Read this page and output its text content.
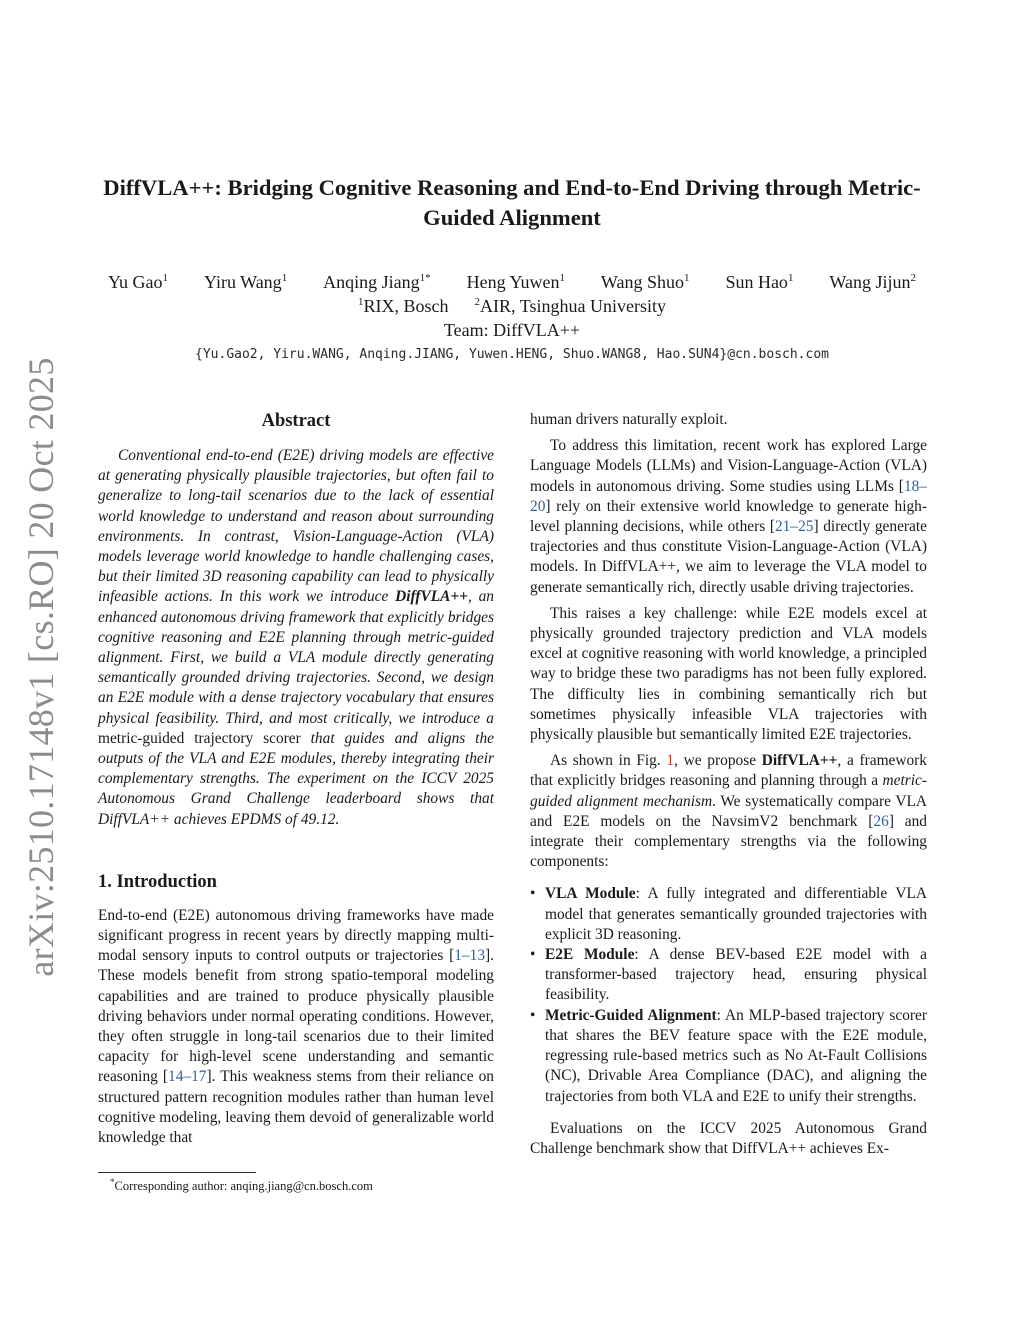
arXiv:2510.17148v1 [cs.RO] 20 Oct 2025
DiffVLA++: Bridging Cognitive Reasoning and End-to-End Driving through Metric-Guided Alignment
Yu Gao$^1$ Yiru Wang$^1$ Anqing Jiang$^{1*}$ Heng Yuwen$^1$ Wang Shuo$^1$ Sun Hao$^1$ Wang Jijun$^2$
$^1$RIX, Bosch $^2$AIR, Tsinghua University
Team: DiffVLA++
{Yu.Gao2, Yiru.WANG, Anqing.JIANG, Yuwen.HENG, Shuo.WANG8, Hao.SUN4}@cn.bosch.com
Abstract

Conventional end-to-end (E2E) driving models are effective at generating physically plausible trajectories, but often fail to generalize to long-tail scenarios due to the lack of essential world knowledge to understand and reason about surrounding environments. In contrast, Vision-Language-Action (VLA) models leverage world knowledge to handle challenging cases, but their limited 3D reasoning capability can lead to physically infeasible actions. In this work we introduce DiffVLA++, an enhanced autonomous driving framework that explicitly bridges cognitive reasoning and E2E planning through metric-guided alignment. First, we build a VLA module directly generating semantically grounded driving trajectories. Second, we design an E2E module with a dense trajectory vocabulary that ensures physical feasibility. Third, and most critically, we introduce a metric-guided trajectory scorer that guides and aligns the outputs of the VLA and E2E modules, thereby integrating their complementary strengths. The experiment on the ICCV 2025 Autonomous Grand Challenge leaderboard shows that DiffVLA++ achieves EPDMS of 49.12.

1. Introduction

End-to-end (E2E) autonomous driving frameworks have made significant progress in recent years by directly mapping multi-modal sensory inputs to control outputs or trajectories [1–13]. These models benefit from strong spatio-temporal modeling capabilities and are trained to produce physically plausible driving behaviors under normal operating conditions. However, they often struggle in long-tail scenarios due to their limited capacity for high-level scene understanding and semantic reasoning [14–17]. This weakness stems from their reliance on structured pattern recognition modules rather than human level cognitive modeling, leaving them devoid of generalizable world knowledge that

human drivers naturally exploit.

To address this limitation, recent work has explored Large Language Models (LLMs) and Vision-Language-Action (VLA) models in autonomous driving. Some studies using LLMs [18–20] rely on their extensive world knowledge to generate high-level planning decisions, while others [21–25] directly generate trajectories and thus constitute Vision-Language-Action (VLA) models. In DiffVLA++, we aim to leverage the VLA model to generate semantically rich, directly usable driving trajectories.

This raises a key challenge: while E2E models excel at physically grounded trajectory prediction and VLA models excel at cognitive reasoning with world knowledge, a principled way to bridge these two paradigms has not been fully explored. The difficulty lies in combining semantically rich but sometimes physically infeasible VLA trajectories with physically plausible but semantically limited E2E trajectories.

As shown in Fig. 1, we propose DiffVLA++, a framework that explicitly bridges reasoning and planning through a metric-guided alignment mechanism. We systematically compare VLA and E2E models on the NavsimV2 benchmark [26] and integrate their complementary strengths via the following components:

• VLA Module: A fully integrated and differentiable VLA model that generates semantically grounded trajectories with explicit 3D reasoning.
• E2E Module: A dense BEV-based E2E model with a transformer-based trajectory head, ensuring physical feasibility.
• Metric-Guided Alignment: An MLP-based trajectory scorer that shares the BEV feature space with the E2E module, regressing rule-based metrics such as No At-Fault Collisions (NC), Drivable Area Compliance (DAC), and aligning the trajectories from both VLA and E2E to unify their strengths.

Evaluations on the ICCV 2025 Autonomous Grand Challenge benchmark show that DiffVLA++ achieves Ex-

*Corresponding author: anqing.jiang@cn.bosch.com
